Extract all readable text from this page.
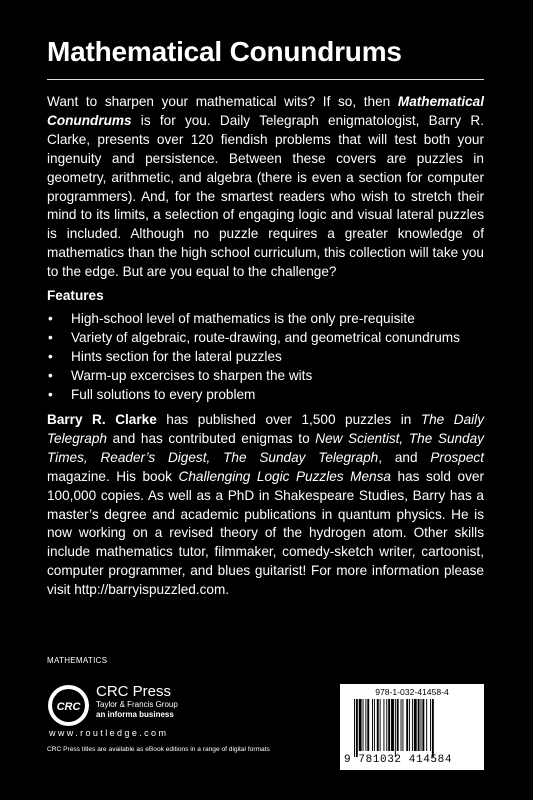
Mathematical Conundrums

Want to sharpen your mathematical wits? If so, then Mathematical Conundrums is for you. Daily Telegraph enigmatologist, Barry R. Clarke, presents over 120 fiendish problems that will test both your ingenuity and persistence. Between these covers are puzzles in geometry, arithmetic, and algebra (there is even a section for computer programmers). And, for the smartest readers who wish to stretch their mind to its limits, a selection of engaging logic and visual lateral puzzles is included. Although no puzzle requires a greater knowledge of mathematics than the high school curriculum, this collection will take you to the edge. But are you equal to the challenge?

Features
• High-school level of mathematics is the only pre-requisite
• Variety of algebraic, route-drawing, and geometrical conundrums
• Hints section for the lateral puzzles
• Warm-up excercises to sharpen the wits
• Full solutions to every problem
Barry R. Clarke has published over 1,500 puzzles in The Daily Telegraph and has contributed enigmas to New Scientist, The Sunday Times, Reader’s Digest, The Sunday Telegraph, and Prospect magazine. His book Challenging Logic Puzzles Mensa has sold over 100,000 copies. As well as a PhD in Shakespeare Studies, Barry has a master’s degree and academic publications in quantum physics. He is now working on a revised theory of the hydrogen atom. Other skills include mathematics tutor, filmmaker, comedy-sketch writer, cartoonist, computer programmer, and blues guitarist! For more information please visit http://barryispuzzled.com.
MATHEMATICS
CRC
CRC Press
Taylor & Francis Group
an informa business
www.routledge.com
CRC Press titles are available as eBook editions in a range of digital formats
978-1-032-41458-4
9 781032 414584
